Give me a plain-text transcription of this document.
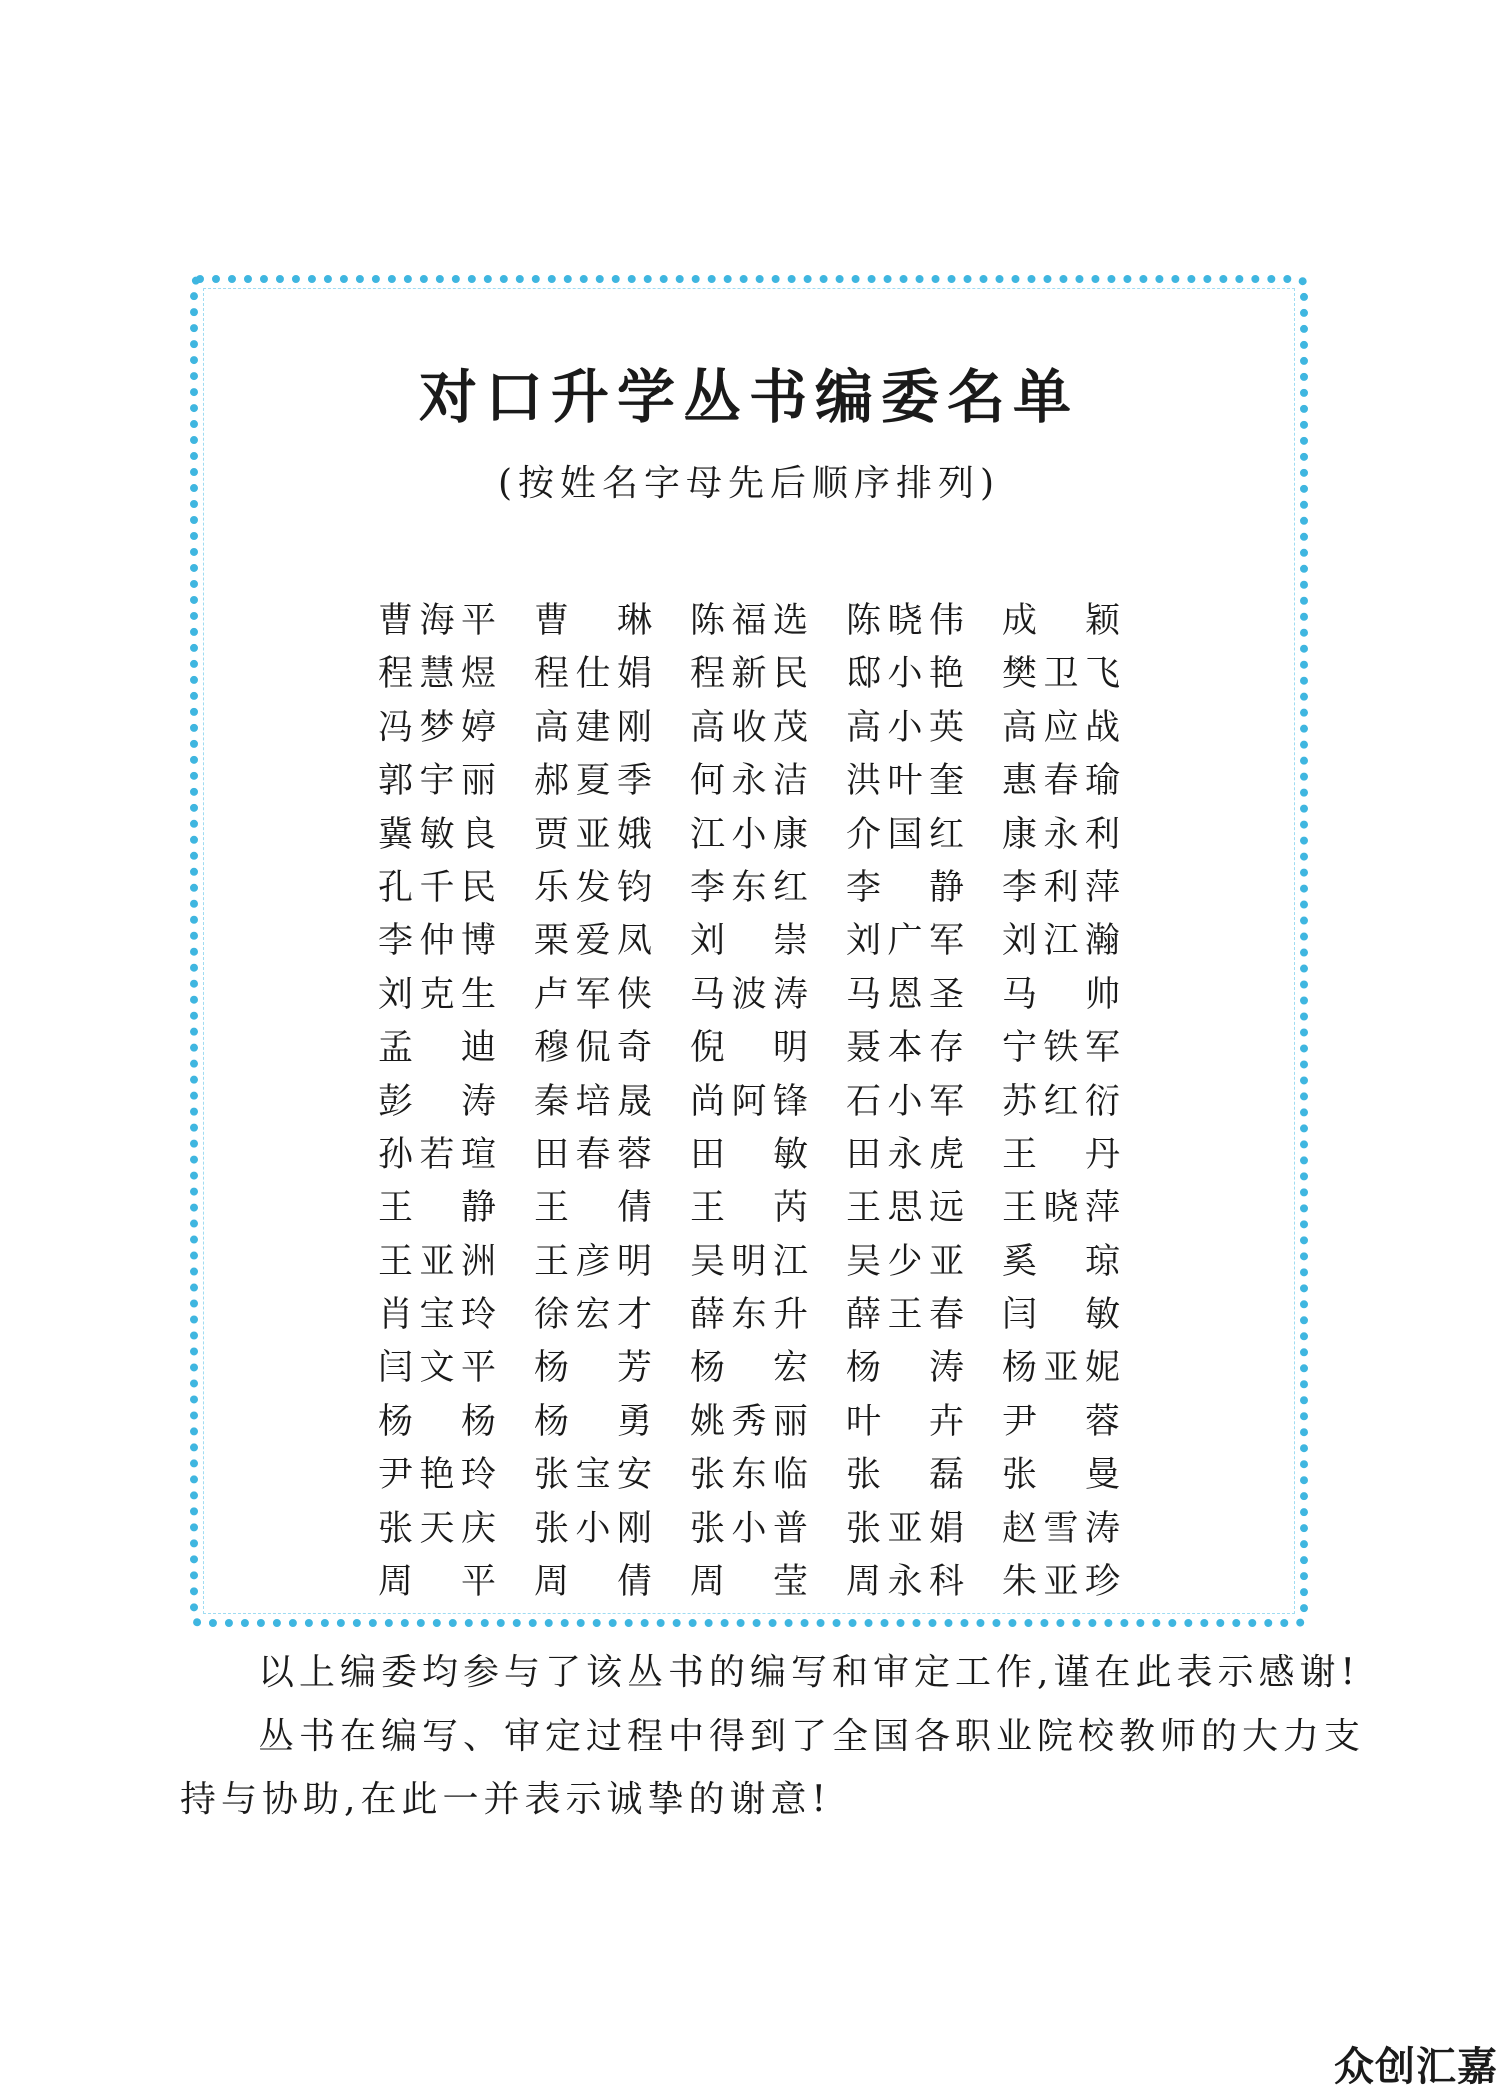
对口升学丛书编委名单

(按姓名字母先后顺序排列)

曹海平 曹琳 陈福选 陈晓伟 成颖
程慧煜 程仕娟 程新民 邸小艳 樊卫飞
冯梦婷 高建刚 高收茂 高小英 高应战
郭宇丽 郝夏季 何永洁 洪叶奎 惠春瑜
冀敏良 贾亚娥 江小康 介国红 康永利
孔千民 乐发钧 李东红 李静 李利萍
李仲博 栗爱凤 刘崇 刘广军 刘江瀚
刘克生 卢军侠 马波涛 马恩圣 马帅
孟迪 穆侃奇 倪明 聂本存 宁铁军
彭涛 秦培晟 尚阿锋 石小军 苏红衍
孙若瑄 田春蓉 田敏 田永虎 王丹
王静 王倩 王芮 王思远 王晓萍
王亚洲 王彦明 吴明江 吴少亚 奚琼
肖宝玲 徐宏才 薛东升 薛王春 闫敏
闫文平 杨芳 杨宏 杨涛 杨亚妮
杨杨 杨勇 姚秀丽 叶卉 尹蓉
尹艳玲 张宝安 张东临 张磊 张曼
张天庆 张小刚 张小普 张亚娟 赵雪涛
周平 周倩 周莹 周永科 朱亚珍

以上编委均参与了该丛书的编写和审定工作,谨在此表示感谢!

丛书在编写、审定过程中得到了全国各职业院校教师的大力支

持与协助,在此一并表示诚挚的谢意!

众创汇嘉
